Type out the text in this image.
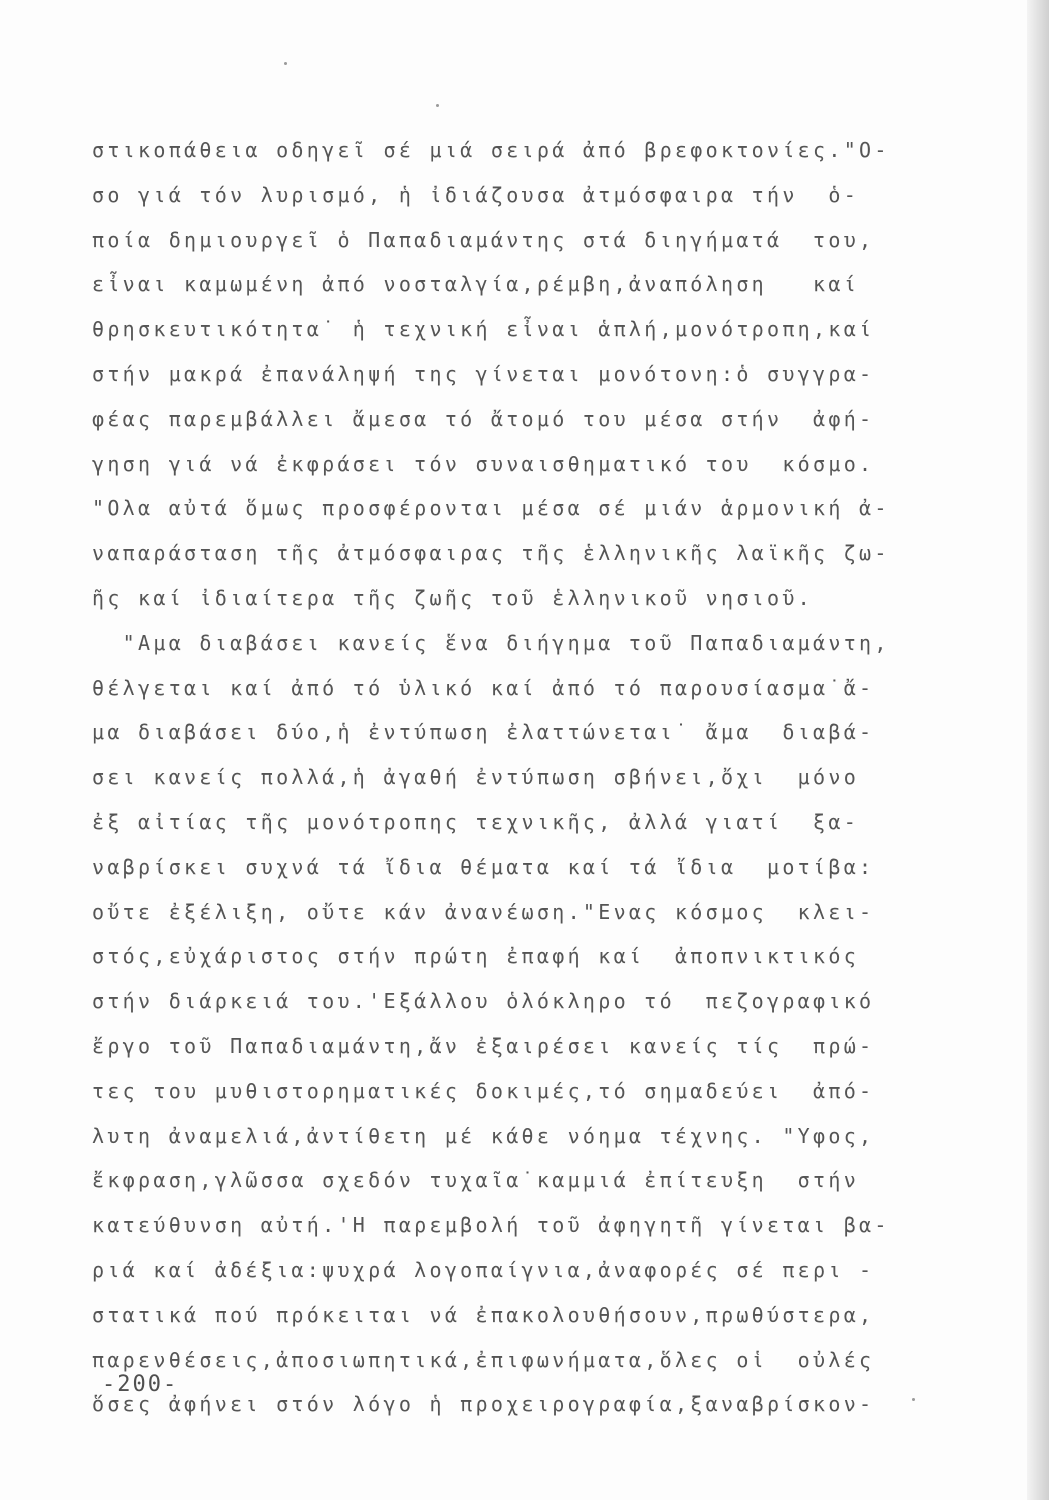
στικοπάθεια οδηγεῖ σέ μιά σειρά ἀπό βρεφοκτονίες."Ο-
σο γιά τόν λυρισμό, ἡ ἰδιάζουσα ἀτμόσφαιρα τήν  ὁ-
ποία δημιουργεῖ ὁ Παπαδιαμάντης στά διηγήματά  του,
εἶναι καμωμένη ἀπό νοσταλγία,ρέμβη,ἀναπόληση   καί
θρησκευτικότητα˙ ἡ τεχνική εἶναι ἁπλή,μονότροπη,καί
στήν μακρά ἐπανάληψή της γίνεται μονότονη:ὁ συγγρα-
φέας παρεμβάλλει ἄμεσα τό ἄτομό του μέσα στήν  ἀφή-
γηση γιά νά ἐκφράσει τόν συναισθηματικό του  κόσμο.
"Ολα αὐτά ὅμως προσφέρονται μέσα σέ μιάν ἁρμονική ἀ-
ναπαράσταση τῆς ἀτμόσφαιρας τῆς ἑλληνικῆς λαϊκῆς ζω-
ῆς καί ἰδιαίτερα τῆς ζωῆς τοῦ ἑλληνικοῦ νησιοῦ.
"Αμα διαβάσει κανείς ἕνα διήγημα τοῦ Παπαδιαμάντη,
θέλγεται καί ἀπό τό ὑλικό καί ἀπό τό παρουσίασμα˙ἄ-
μα διαβάσει δύο,ἡ ἐντύπωση ἐλαττώνεται˙ ἄμα  διαβά-
σει κανείς πολλά,ἡ ἀγαθή ἐντύπωση σβήνει,ὄχι  μόνο
ἐξ αἰτίας τῆς μονότροπης τεχνικῆς, ἀλλά γιατί  ξα-
ναβρίσκει συχνά τά ἴδια θέματα καί τά ἴδια  μοτίβα:
οὔτε ἐξέλιξη, οὔτε κάν ἀνανέωση."Ενας κόσμος  κλει-
στός,εὐχάριστος στήν πρώτη ἐπαφή καί  ἀποπνικτικός
στήν διάρκειά του.'Εξάλλου ὁλόκληρο τό  πεζογραφικό
ἔργο τοῦ Παπαδιαμάντη,ἄν ἐξαιρέσει κανείς τίς  πρώ-
τες του μυθιστορηματικές δοκιμές,τό σημαδεύει  ἀπό-
λυτη ἀναμελιά,ἀντίθετη μέ κάθε νόημα τέχνης. "Υφος,
ἔκφραση,γλῶσσα σχεδόν τυχαῖα˙καμμιά ἐπίτευξη  στήν
κατεύθυνση αὐτή.'Η παρεμβολή τοῦ ἀφηγητῆ γίνεται βα-
ριά καί ἀδέξια:ψυχρά λογοπαίγνια,ἀναφορές σέ περι -
στατικά πού πρόκειται νά ἐπακολουθήσουν,πρωθύστερα,
παρενθέσεις,ἀποσιωπητικά,ἐπιφωνήματα,ὅλες οἱ  οὐλές
ὅσες ἀφήνει στόν λόγο ἡ προχειρογραφία,ξαναβρίσκον-
-200-
